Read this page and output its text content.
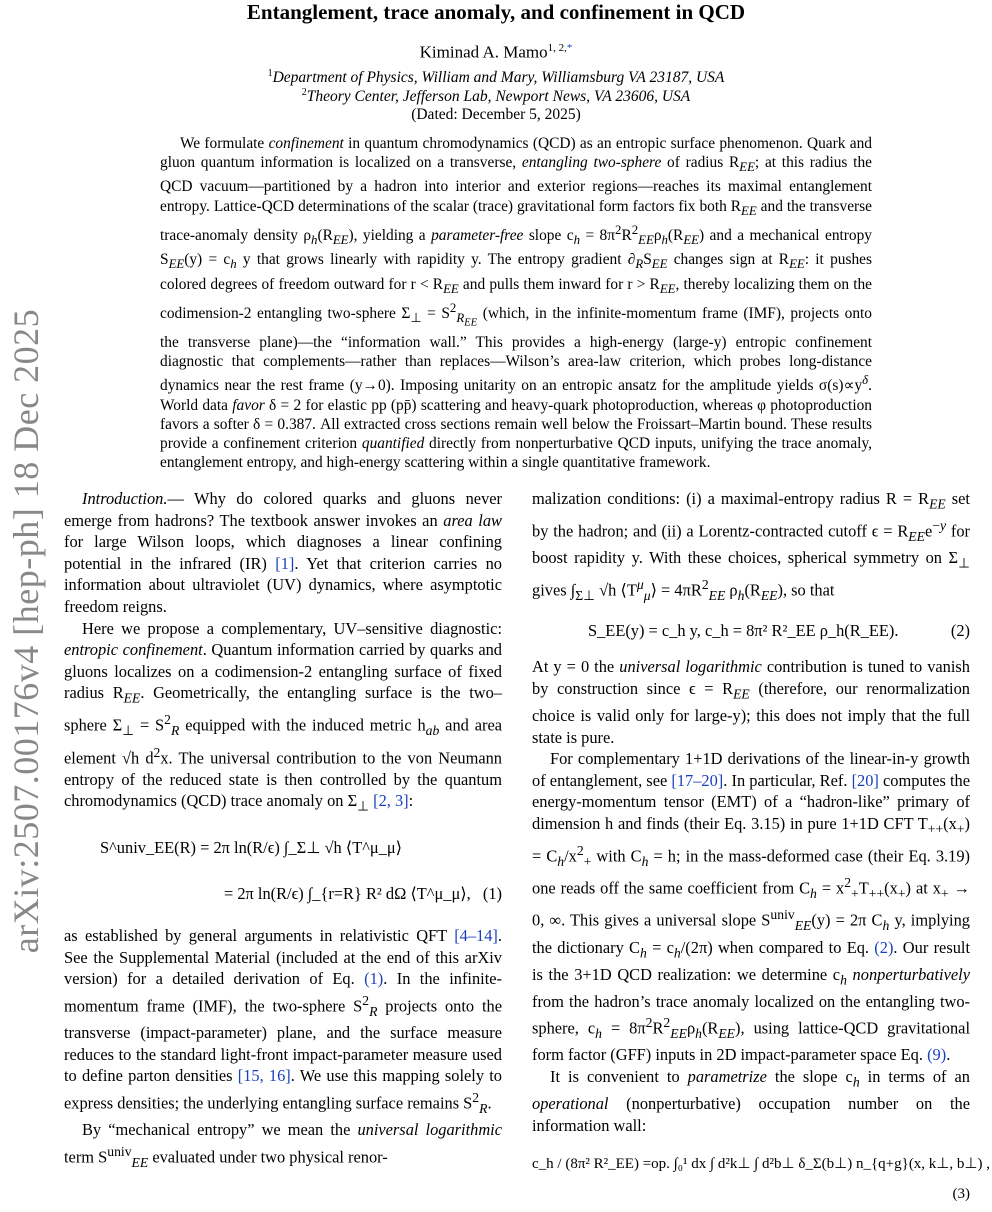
arXiv:2507.00176v4 [hep-ph] 18 Dec 2025
Entanglement, trace anomaly, and confinement in QCD
Kiminad A. Mamo$^{1, 2,*}$
$^1$Department of Physics, William and Mary, Williamsburg VA 23187, USA
$^2$Theory Center, Jefferson Lab, Newport News, VA 23606, USA
(Dated: December 5, 2025)
We formulate confinement in quantum chromodynamics (QCD) as an entropic surface phenomenon. Quark and gluon quantum information is localized on a transverse, entangling two-sphere of radius $R_{EE}$; at this radius the QCD vacuum—partitioned by a hadron into interior and exterior regions—reaches its maximal entanglement entropy. Lattice-QCD determinations of the scalar (trace) gravitational form factors fix both $R_{EE}$ and the transverse trace-anomaly density $\rho_h(R_{EE})$, yielding a parameter-free slope $c_h = 8\pi^2R^2_{EE}\rho_h(R_{EE})$ and a mechanical entropy $S_{EE}(y) = c_h$ y that grows linearly with rapidity y. The entropy gradient $\partial_RS_{EE}$ changes sign at $R_{EE}$: it pushes colored degrees of freedom outward for $r < R_{EE}$ and pulls them inward for $r > R_{EE}$, thereby localizing them on the codimension-2 entangling two-sphere $\Sigma_\perp = S^2_{R_{EE}}$ (which, in the infinite-momentum frame (IMF), projects onto the transverse plane)—the “information wall.” This provides a high-energy (large-y) entropic confinement diagnostic that complements—rather than replaces—Wilson’s area-law criterion, which probes long-distance dynamics near the rest frame (y→0). Imposing unitarity on an entropic ansatz for the amplitude yields $\sigma(s)\propto y^\delta$. World data favor δ = 2 for elastic pp (pp̄) scattering and heavy-quark photoproduction, whereas φ photoproduction favors a softer δ = 0.387. All extracted cross sections remain well below the Froissart–Martin bound. These results provide a confinement criterion quantified directly from nonperturbative QCD inputs, unifying the trace anomaly, entanglement entropy, and high-energy scattering within a single quantitative framework.

Introduction.— Why do colored quarks and gluons never emerge from hadrons? The textbook answer invokes an area law for large Wilson loops, which diagnoses a linear confining potential in the infrared (IR) [1]. Yet that criterion carries no information about ultraviolet (UV) dynamics, where asymptotic freedom reigns.

Here we propose a complementary, UV–sensitive diagnostic: entropic confinement. Quantum information carried by quarks and gluons localizes on a codimension-2 entangling surface of fixed radius $R_{EE}$. Geometrically, the entangling surface is the two–sphere $\Sigma_\perp = S^2_R$ equipped with the induced metric $h_{ab}$ and area element √h $d^2x$. The universal contribution to the von Neumann entropy of the reduced state is then controlled by the quantum chromodynamics (QCD) trace anomaly on $\Sigma_\perp$ [2, 3]:

S^univ_EE(R) = 2π ln(R/ϵ) ∫_Σ⊥ √h ⟨T^μ_μ⟩
= 2π ln(R/ϵ) ∫_{r=R} R² dΩ ⟨T^μ_μ⟩, (1)

as established by general arguments in relativistic QFT [4–14]. See the Supplemental Material (included at the end of this arXiv version) for a detailed derivation of Eq. (1). In the infinite-momentum frame (IMF), the two-sphere $S^2_R$ projects onto the transverse (impact-parameter) plane, and the surface measure reduces to the standard light-front impact-parameter measure used to define parton densities [15, 16]. We use this mapping solely to express densities; the underlying entangling surface remains $S^2_R$.

By “mechanical entropy” we mean the universal logarithmic term $S^{univ}_{EE}$ evaluated under two physical renor-

malization conditions: (i) a maximal-entropy radius $R = R_{EE}$ set by the hadron; and (ii) a Lorentz-contracted cutoff $\epsilon = R_{EE}e^{-y}$ for boost rapidity y. With these choices, spherical symmetry on $\Sigma_\perp$ gives $\int_{\Sigma\perp}$ √h $⟨T^\mu_\mu⟩ = 4\pi R^2_{EE}$ $\rho_h(R_{EE})$, so that

S_EE(y) = c_h y, c_h = 8π² R²_EE ρ_h(R_EE).	(2)

At y = 0 the universal logarithmic contribution is tuned to vanish by construction since $\epsilon = R_{EE}$ (therefore, our renormalization choice is valid only for large-y); this does not imply that the full state is pure.

For complementary 1+1D derivations of the linear-in-y growth of entanglement, see [17–20]. In particular, Ref. [20] computes the energy-momentum tensor (EMT) of a “hadron-like” primary of dimension h and finds (their Eq. 3.15) in pure 1+1D CFT $T_{++}(x_+) = C_h/x^2_+$ with $C_h = h$; in the mass-deformed case (their Eq. 3.19) one reads off the same coefficient from $C_h = x^2_+T_{++}(x_+)$ at $x_+ \to 0$, ∞. This gives a universal slope $S^{univ}_{EE}(y) = 2\pi$ $C_h$ y, implying the dictionary $C_h = c_h/(2\pi)$ when compared to Eq. (2). Our result is the 3+1D QCD realization: we determine $c_h$ nonperturbatively from the hadron’s trace anomaly localized on the entangling two-sphere, $c_h = 8\pi^2R^2_{EE}\rho_h(R_{EE})$, using lattice-QCD gravitational form factor (GFF) inputs in 2D impact-parameter space Eq. (9).

It is convenient to parametrize the slope $c_h$ in terms of an operational (nonperturbative) occupation number on the information wall:

c_h / (8π² R²_EE) =op. ∫₀¹ dx ∫ d²k⊥ ∫ d²b⊥ δ_Σ(b⊥) n_{q+g}(x, k⊥, b⊥) ,
(3)
